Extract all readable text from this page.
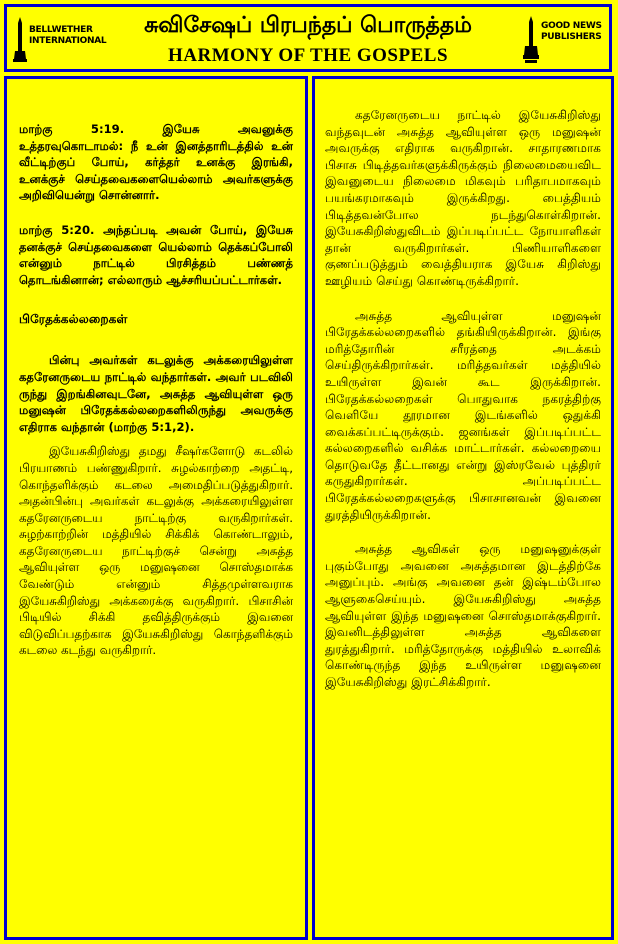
BELLWETHER
INTERNATIONAL
சுவிசேஷப் பிரபந்தப் பொருத்தம்
HARMONY OF THE GOSPELS
GOOD NEWS
PUBLISHERS

மாற்கு 5:19. இயேசு அவனுக்கு உத்தரவுகொடாமல்: நீ உன் இனத்தாரிடத்தில் உன் வீட்டிற்குப் போய், கர்த்தர் உனக்கு இரங்கி, உனக்குச் செய்தவைகளையெல்லாம் அவர்களுக்கு அறிவியென்று சொன்னார்.

மாற்கு 5:20. அந்தப்படி அவன் போய், இயேசு தனக்குச் செய்தவைகளை யெல்லாம் தெக்கப்போலி என்னும் நாட்டில் பிரசித்தம் பண்ணத் தொடங்கினான்; எல்லாரும் ஆச்சரியப்பட்டார்கள்.

பிரேதக்கல்லறைகள்

பின்பு அவர்கள் கடலுக்கு அக்கரையிலுள்ள கதரேனருடைய நாட்டில் வந்தார்கள். அவர் படவிலி ருந்து இறங்கினவுடனே, அசுத்த ஆவியுள்ள ஒரு மனுஷன் பிரேதக்கல்லறைகளிலிருந்து அவருக்கு எதிராக வந்தான் (மாற்கு 5:1,2).

இயேசுகிறிஸ்து தமது சீஷர்களோடு கடலில் பிரயாணம் பண்ணுகிறார். சுழல்காற்றை அதட்டி, கொந்தளிக்கும் கடலை அமைதிப்படுத்துகிறார். அதன்பின்பு அவர்கள் கடலுக்கு அக்கரையிலுள்ள கதரேனருடைய நாட்டிற்கு வருகிறார்கள். சுழற்காற்றின் மத்தியில் சிக்கிக் கொண்டாலும், கதரேனருடைய நாட்டிற்குச் சென்று அசுத்த ஆவியுள்ள ஒரு மனுஷனை சொஸ்தமாக்க வேண்டும் என்னும் சித்தமுள்ளவராக இயேசுகிறிஸ்து அக்கரைக்கு வருகிறார். பிசாசின் பிடியில் சிக்கி தவித்திருக்கும் இவனை விடுவிப்பதற்காக இயேசுகிறிஸ்து கொந்தளிக்கும் கடலை கடந்து வருகிறார்.

கதரேனருடைய நாட்டில் இயேசுகிறிஸ்து வந்தவுடன் அசுத்த ஆவியுள்ள ஒரு மனுஷன் அவருக்கு எதிராக வருகிறான். சாதாரணமாக பிசாசு பிடித்தவர்களுக்கிருக்கும் நிலைமையைவிட இவனுடைய நிலைமை மிகவும் பரிதாபமாகவும் பயங்கரமாகவும் இருக்கிறது. பைத்தியம் பிடித்தவன்போல நடந்துகொள்கிறான். இயேசுகிறிஸ்துவிடம் இப்படிப்பட்ட நோயாளிகள் தான் வருகிறார்கள். பிணியாளிகளை குணப்படுத்தும் வைத்தியராக இயேசு கிறிஸ்து ஊழியம் செய்து கொண்டிருக்கிறார்.

அசுத்த ஆவியுள்ள மனுஷன் பிரேதக்கல்லறைகளில் தங்கியிருக்கிறான். இங்கு மரித்தோரின் சரீரத்தை அடக்கம் செய்திருக்கிறார்கள். மரித்தவர்கள் மத்தியில் உயிருள்ள இவன் கூட இருக்கிறான். பிரேதக்கல்லறைகள் பொதுவாக நகரத்திற்கு வெளியே தூரமான இடங்களில் ஒதுக்கி வைக்கப்பட்டிருக்கும். ஜனங்கள் இப்படிப்பட்ட கல்லறைகளில் வசிக்க மாட்டார்கள். கல்லறையை தொடுவதே தீட்டானது என்று இஸ்ரவேல் புத்திரர் கருதுகிறார்கள். அப்படிப்பட்ட பிரேதக்கல்லறைகளுக்கு பிசாசானவன் இவனை துரத்தியிருக்கிறான்.

அசுத்த ஆவிகள் ஒரு மனுஷனுக்குள் புகும்போது அவனை அசுத்தமான இடத்திற்கே அனுப்பும். அங்கு அவனை தன் இஷ்டம்போல ஆளுகைசெய்யும். இயேசுகிறிஸ்து அசுத்த ஆவியுள்ள இந்த மனுஷனை சொஸ்தமாக்குகிறார். இவனிடத்திலுள்ள அசுத்த ஆவிகளை துரத்துகிறார். மரித்தோருக்கு மத்தியில் உலாவிக் கொண்டிருந்த இந்த உயிருள்ள மனுஷனை இயேசுகிறிஸ்து இரட்சிக்கிறார்.
